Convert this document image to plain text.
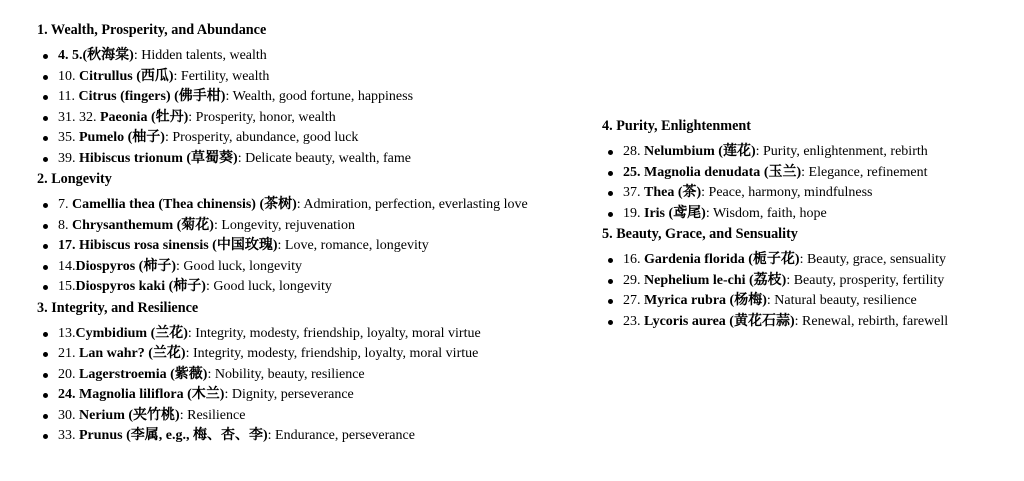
1. Wealth, Prosperity, and Abundance
4. 5.(秋海棠): Hidden talents, wealth
10. Citrullus (西瓜): Fertility, wealth
11. Citrus (fingers) (佛手柑): Wealth, good fortune, happiness
31. 32. Paeonia (牡丹): Prosperity, honor, wealth
35. Pumelo (柚子): Prosperity, abundance, good luck
39. Hibiscus trionum (草蜀葵): Delicate beauty, wealth, fame
2. Longevity
7. Camellia thea (Thea chinensis) (茶树): Admiration, perfection, everlasting love
8. Chrysanthemum (菊花): Longevity, rejuvenation
17. Hibiscus rosa sinensis (中国玫瑰): Love, romance, longevity
14.Diospyros (柿子): Good luck, longevity
15.Diospyros kaki (柿子): Good luck, longevity
3. Integrity, and Resilience
13.Cymbidium (兰花): Integrity, modesty, friendship, loyalty, moral virtue
21. Lan wahr? (兰花): Integrity, modesty, friendship, loyalty, moral virtue
20. Lagerstroemia (紫薇): Nobility, beauty, resilience
24. Magnolia liliflora (木兰): Dignity, perseverance
30. Nerium (夹竹桃): Resilience
33. Prunus (李属, e.g., 梅、杏、李): Endurance, perseverance
4. Purity, Enlightenment
28. Nelumbium (莲花): Purity, enlightenment, rebirth
25. Magnolia denudata (玉兰): Elegance, refinement
37. Thea (茶): Peace, harmony, mindfulness
19. Iris (鸢尾): Wisdom, faith, hope
5. Beauty, Grace, and Sensuality
16. Gardenia florida (栀子花): Beauty, grace, sensuality
29. Nephelium le-chi (荔枝): Beauty, prosperity, fertility
27. Myrica rubra (杨梅): Natural beauty, resilience
23. Lycoris aurea (黄花石蒜): Renewal, rebirth, farewell
